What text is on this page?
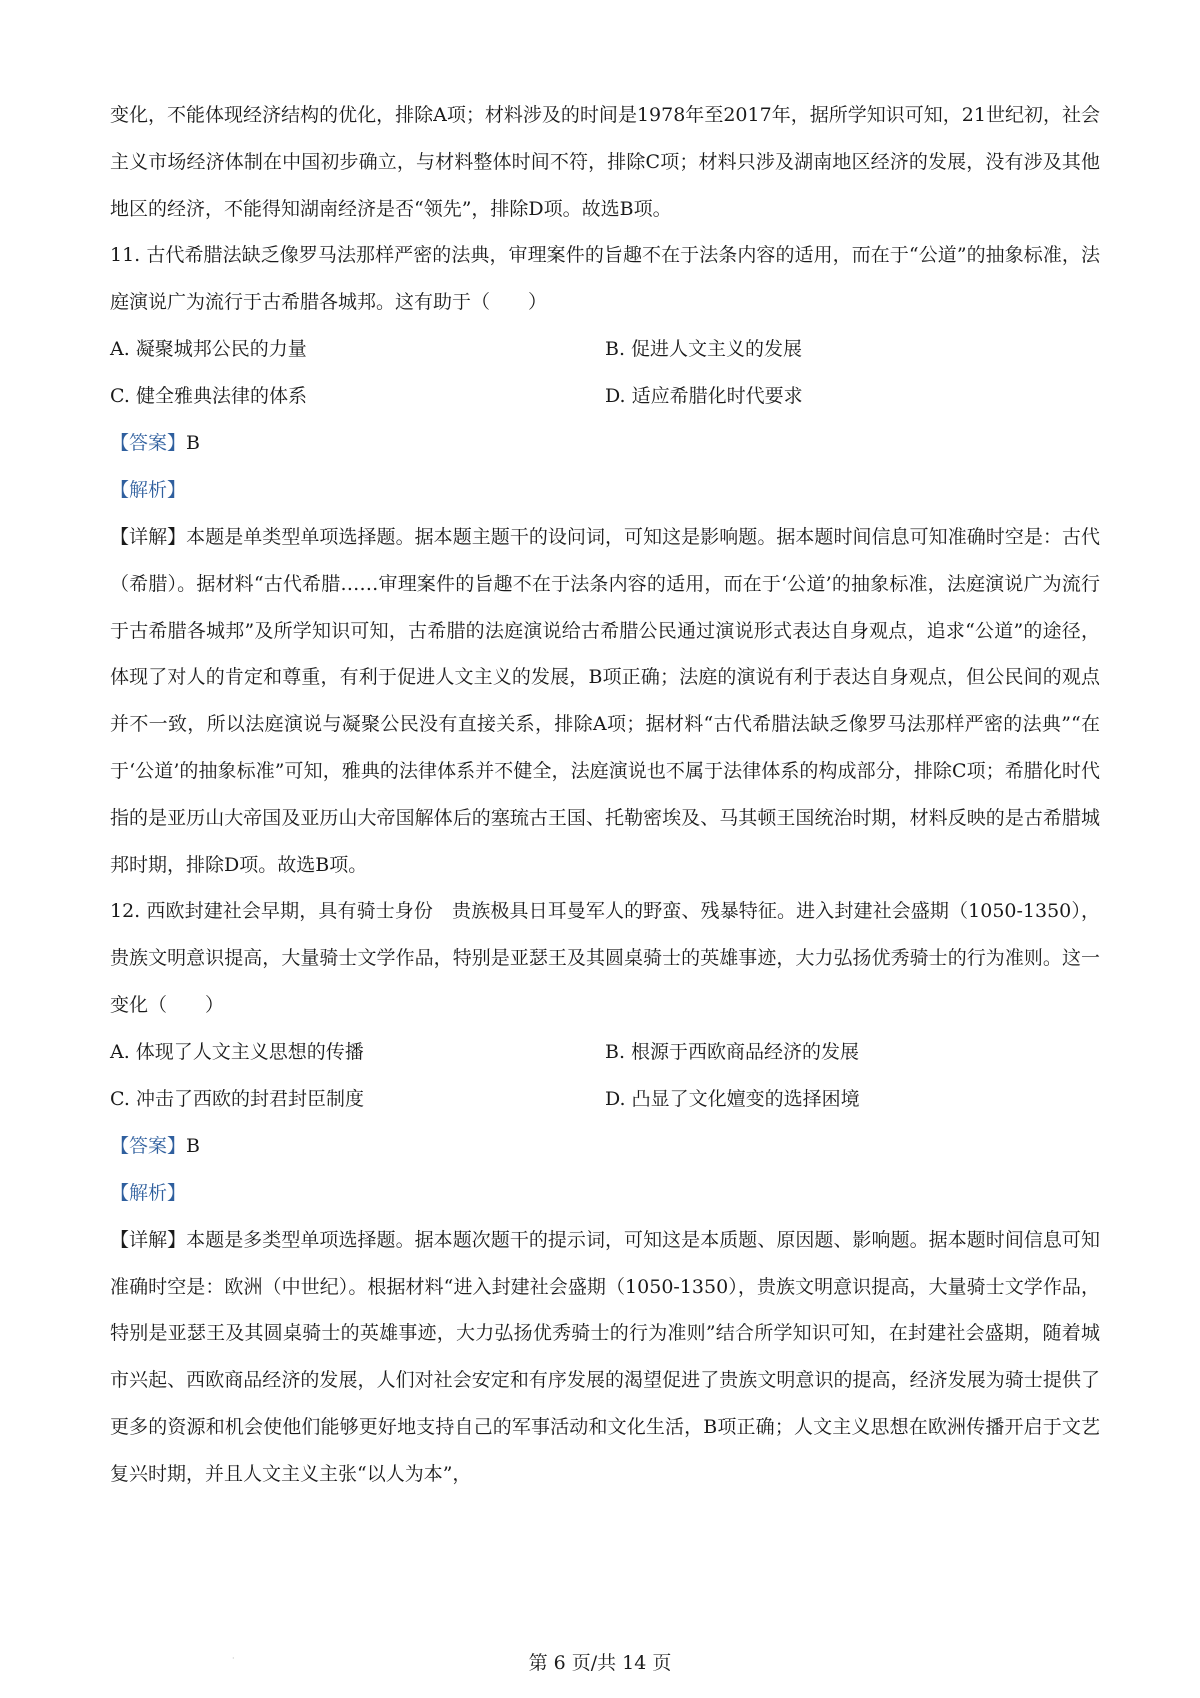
变化，不能体现经济结构的优化，排除A项；材料涉及的时间是1978年至2017年，据所学知识可知，21世纪初，社会主义市场经济体制在中国初步确立，与材料整体时间不符，排除C项；材料只涉及湖南地区经济的发展，没有涉及其他地区的经济，不能得知湖南经济是否“领先”，排除D项。故选B项。

11. 古代希腊法缺乏像罗马法那样严密的法典，审理案件的旨趣不在于法条内容的适用，而在于“公道”的抽象标准，法庭演说广为流行于古希腊各城邦。这有助于（　　）

A. 凝聚城邦公民的力量	B. 促进人文主义的发展
C. 健全雅典法律的体系	D. 适应希腊化时代要求

【答案】B

【解析】

【详解】本题是单类型单项选择题。据本题主题干的设问词，可知这是影响题。据本题时间信息可知准确时空是：古代（希腊）。据材料“古代希腊……审理案件的旨趣不在于法条内容的适用，而在于‘公道’的抽象标准，法庭演说广为流行于古希腊各城邦”及所学知识可知，古希腊的法庭演说给古希腊公民通过演说形式表达自身观点，追求“公道”的途径，体现了对人的肯定和尊重，有利于促进人文主义的发展，B项正确；法庭的演说有利于表达自身观点，但公民间的观点并不一致，所以法庭演说与凝聚公民没有直接关系，排除A项；据材料“古代希腊法缺乏像罗马法那样严密的法典”“在于‘公道’的抽象标准”可知，雅典的法律体系并不健全，法庭演说也不属于法律体系的构成部分，排除C项；希腊化时代指的是亚历山大帝国及亚历山大帝国解体后的塞琉古王国、托勒密埃及、马其顿王国统治时期，材料反映的是古希腊城邦时期，排除D项。故选B项。

12. 西欧封建社会早期，具有骑士身份　贵族极具日耳曼军人的野蛮、残暴特征。进入封建社会盛期（1050-1350），贵族文明意识提高，大量骑士文学作品，特别是亚瑟王及其圆桌骑士的英雄事迹，大力弘扬优秀骑士的行为准则。这一变化（　　）

A. 体现了人文主义思想的传播	B. 根源于西欧商品经济的发展
C. 冲击了西欧的封君封臣制度	D. 凸显了文化嬗变的选择困境

【答案】B

【解析】

【详解】本题是多类型单项选择题。据本题次题干的提示词，可知这是本质题、原因题、影响题。据本题时间信息可知准确时空是：欧洲（中世纪）。根据材料“进入封建社会盛期（1050-1350），贵族文明意识提高，大量骑士文学作品，特别是亚瑟王及其圆桌骑士的英雄事迹，大力弘扬优秀骑士的行为准则”结合所学知识可知，在封建社会盛期，随着城市兴起、西欧商品经济的发展，人们对社会安定和有序发展的渴望促进了贵族文明意识的提高，经济发展为骑士提供了更多的资源和机会使他们能够更好地支持自己的军事活动和文化生活，B项正确；人文主义思想在欧洲传播开启于文艺复兴时期，并且人文主义主张“以人为本”，

第 6 页/共 14 页
·
